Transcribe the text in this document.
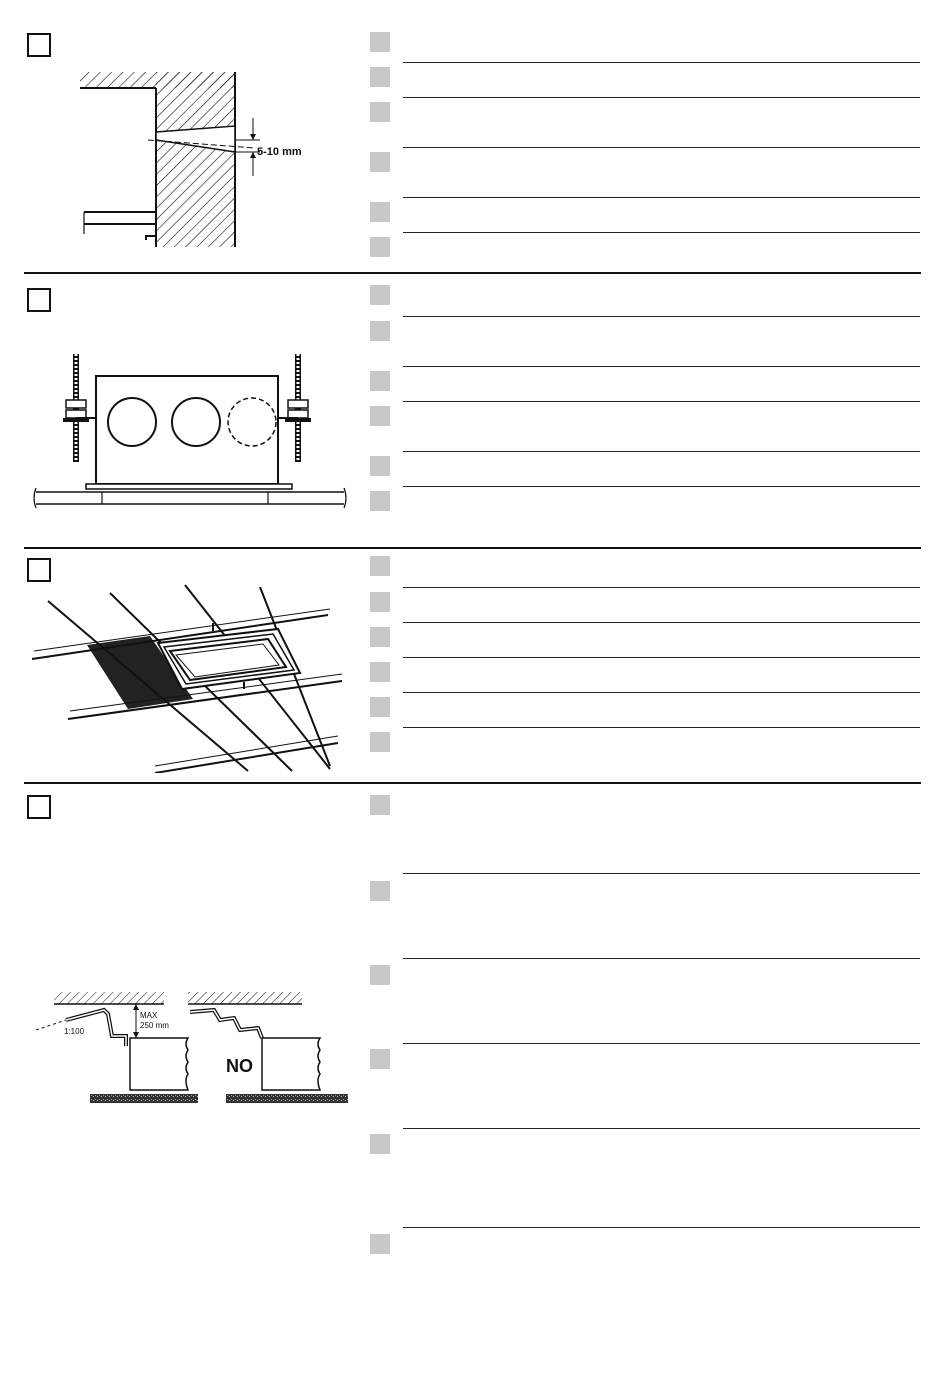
5-10 mm
1:100
MAX
250 mm
NO
